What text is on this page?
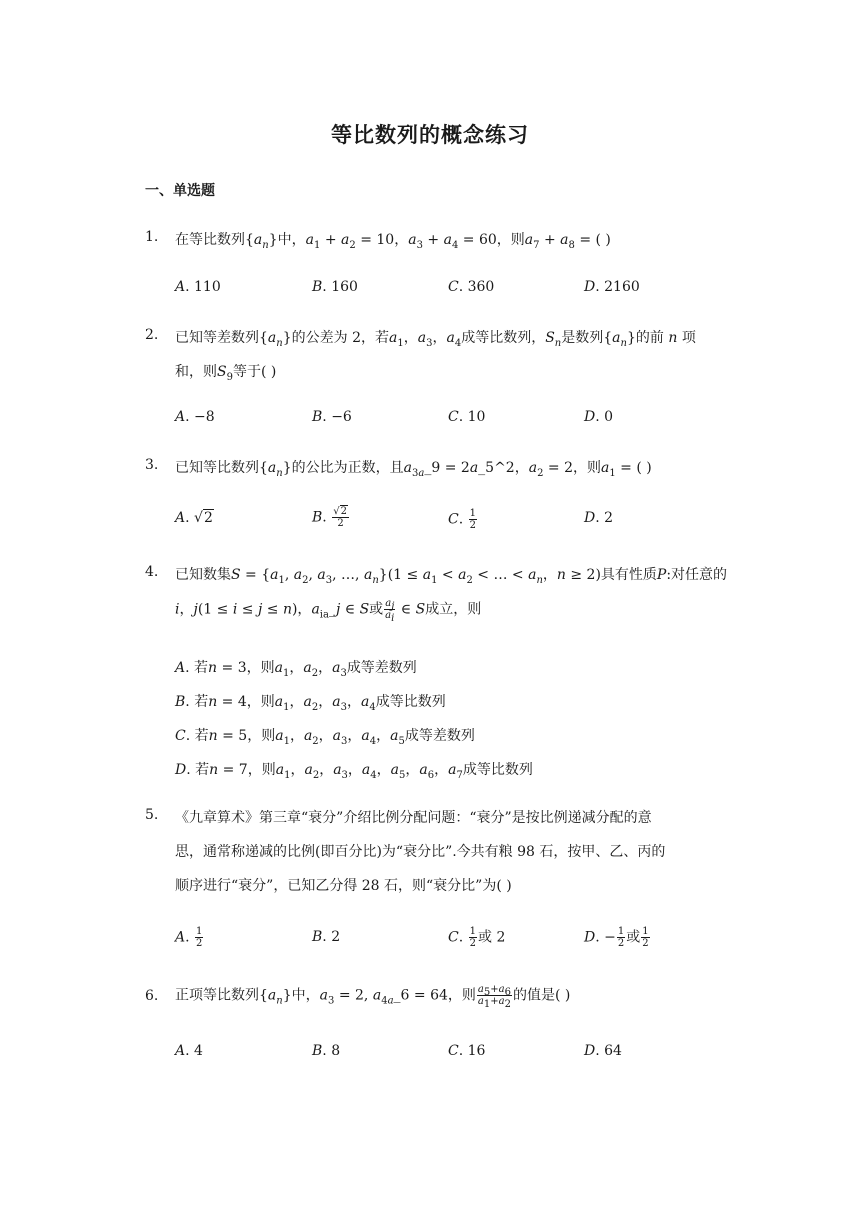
等比数列的概念练习
一、单选题
1. 在等比数列$\{a_n\}$中，$a_1 + a_2 = 10$，$a_3 + a_4 = 60$，则$a_7 + a_8$ = ( )
A. 110	B. 160	C. 360	D. 2160
2. 已知等差数列$\{a_n\}$的公差为 2，若$a_1$，$a_3$，$a_4$成等比数列，$S_n$是数列$\{a_n\}$的前 n 项
和，则$S_9$等于( )
A. −8	B. −6	C. 10	D. 0
3. 已知等比数列$\{a_n\}$的公比为正数，且$a_{3a}\_9$ = 2a_5^2，$a_2 = 2$，则$a_1$ = ( )
A. √2	B. $\frac{√2}{2}$	C. $\frac{1}{2}$	D. 2
4. 已知数集$S = \{a_1$, $a_2$, $a_3$, …, $a_n\}(1 \le a_1 < a_2$ < … < $a_n$，n ≥ 2)具有性质P:对任意的
i，j(1 ≤ i ≤ j ≤ n)，$a_{ia}\_j$ ∈ S或 $\frac{a_j}{a_i}$ ∈ S成立，则
A. 若n = 3，则$a_1$，$a_2$，$a_3$成等差数列
B. 若n = 4，则$a_1$，$a_2$，$a_3$，$a_4$成等比数列
C. 若n = 5，则$a_1$，$a_2$，$a_3$，$a_4$，$a_5$成等差数列
D. 若n = 7，则$a_1$，$a_2$，$a_3$，$a_4$，$a_5$，$a_6$，$a_7$成等比数列
5. 《九章算术》第三章“衰分”介绍比例分配问题：“衰分”是按比例递减分配的意
思，通常称递减的比例(即百分比)为“衰分比”.今共有粮 98 石，按甲、乙、丙的
顺序进行“衰分”，已知乙分得 28 石，则“衰分比”为( )
A. $\frac{1}{2}$	B. 2	C. $\frac{1}{2}$ 或 2	D. − $\frac{1}{2}$ 或 $\frac{1}{2}$
6. 正项等比数列$\{a_n\}$中，$a_3 = 2$, $a_{4a}\_6 = 64$，则 $\frac{a_5+a_6}{a_1+a_2}$ 的值是( )
A. 4	B. 8	C. 16	D. 64
